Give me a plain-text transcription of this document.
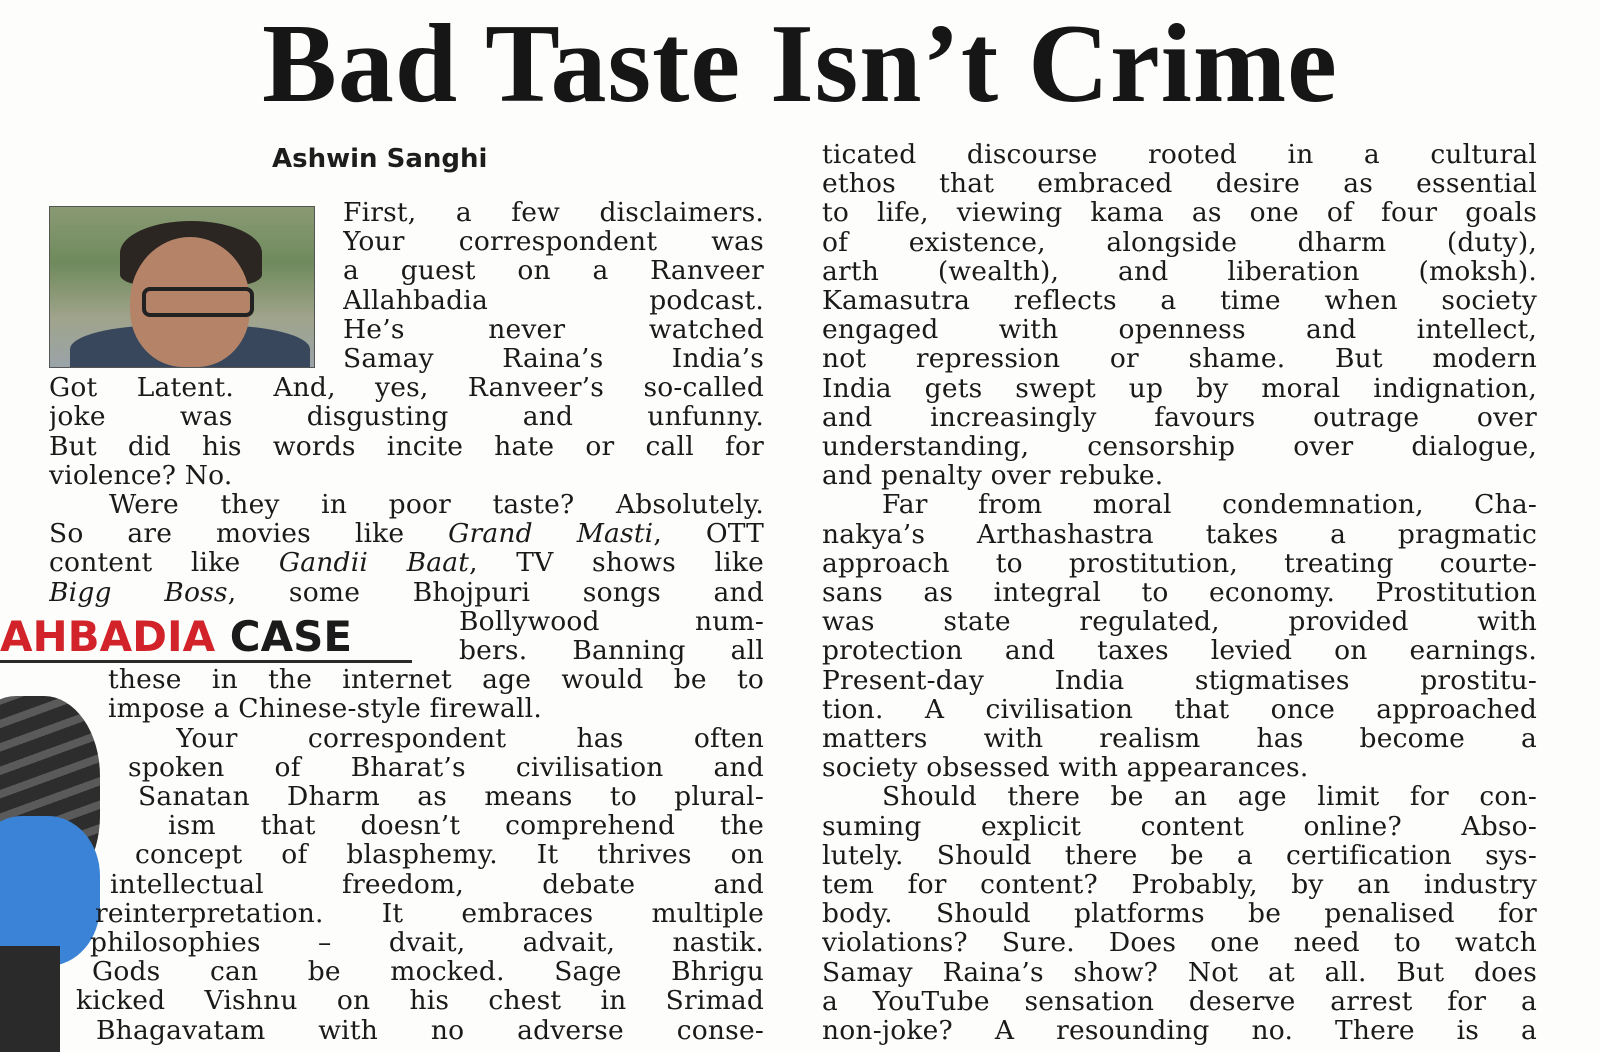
Bad Taste Isn’t Crime
Ashwin Sanghi
AHBADIA CASE
First, a few disclaimers.
Your correspondent was
a guest on a Ranveer
Allahbadia podcast.
He’s never watched
Samay Raina’s India’s
Got Latent. And, yes, Ranveer’s so-called
joke was disgusting and unfunny.
But did his words incite hate or call for
violence? No.
Were they in poor taste? Absolutely.
So are movies like Grand Masti, OTT
content like Gandii Baat, TV shows like
Bigg Boss, some Bhojpuri songs and
Bollywood num-
bers. Banning all
these in the internet age would be to
impose a Chinese-style firewall.
Your correspondent has often
spoken of Bharat’s civilisation and
Sanatan Dharm as means to plural-
ism that doesn’t comprehend the
concept of blasphemy. It thrives on
intellectual freedom, debate and
reinterpretation. It embraces multiple
philosophies – dvait, advait, nastik.
Gods can be mocked. Sage Bhrigu
kicked Vishnu on his chest in Srimad
Bhagavatam with no adverse conse-
ticated discourse rooted in a cultural
ethos that embraced desire as essential
to life, viewing kama as one of four goals
of existence, alongside dharm (duty),
arth (wealth), and liberation (moksh).
Kamasutra reflects a time when society
engaged with openness and intellect,
not repression or shame. But modern
India gets swept up by moral indignation,
and increasingly favours outrage over
understanding, censorship over dialogue,
and penalty over rebuke.
Far from moral condemnation, Cha-
nakya’s Arthashastra takes a pragmatic
approach to prostitution, treating courte-
sans as integral to economy. Prostitution
was state regulated, provided with
protection and taxes levied on earnings.
Present-day India stigmatises prostitu-
tion. A civilisation that once approached
matters with realism has become a
society obsessed with appearances.
Should there be an age limit for con-
suming explicit content online? Abso-
lutely. Should there be a certification sys-
tem for content? Probably, by an industry
body. Should platforms be penalised for
violations? Sure. Does one need to watch
Samay Raina’s show? Not at all. But does
a YouTube sensation deserve arrest for a
non-joke? A resounding no. There is a
